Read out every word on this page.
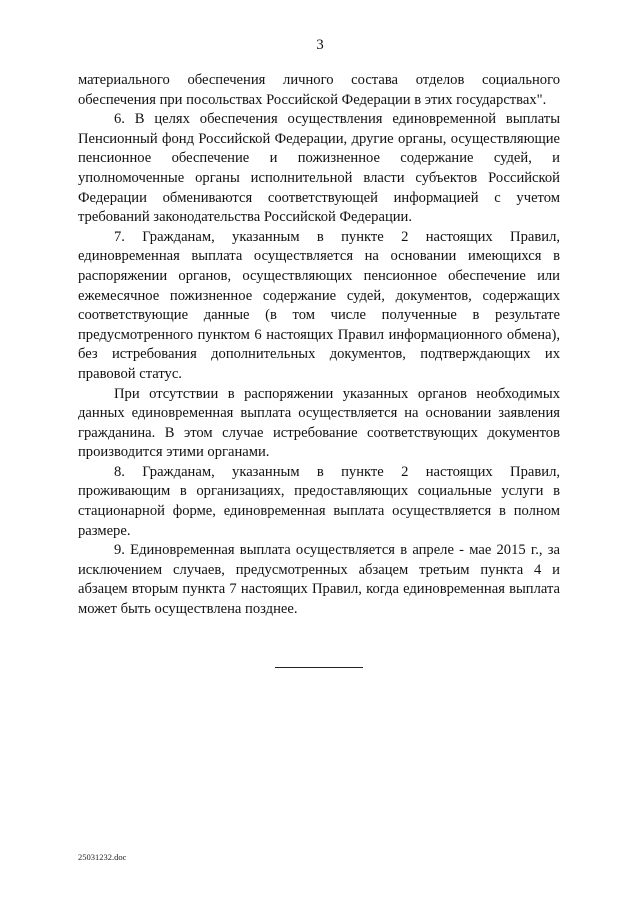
3

материального обеспечения личного состава отделов социального обеспечения при посольствах Российской Федерации в этих государствах".

6. В целях обеспечения осуществления единовременной выплаты Пенсионный фонд Российской Федерации, другие органы, осуществляющие пенсионное обеспечение и пожизненное содержание судей, и уполномоченные органы исполнительной власти субъектов Российской Федерации обмениваются соответствующей информацией с учетом требований законодательства Российской Федерации.

7. Гражданам, указанным в пункте 2 настоящих Правил, единовременная выплата осуществляется на основании имеющихся в распоряжении органов, осуществляющих пенсионное обеспечение или ежемесячное пожизненное содержание судей, документов, содержащих соответствующие данные (в том числе полученные в результате предусмотренного пунктом 6 настоящих Правил информационного обмена), без истребования дополнительных документов, подтверждающих их правовой статус.

При отсутствии в распоряжении указанных органов необходимых данных единовременная выплата осуществляется на основании заявления гражданина. В этом случае истребование соответствующих документов производится этими органами.

8. Гражданам, указанным в пункте 2 настоящих Правил, проживающим в организациях, предоставляющих социальные услуги в стационарной форме, единовременная выплата осуществляется в полном размере.

9. Единовременная выплата осуществляется в апреле - мае 2015 г., за исключением случаев, предусмотренных абзацем третьим пункта 4 и абзацем вторым пункта 7 настоящих Правил, когда единовременная выплата может быть осуществлена позднее.

25031232.doc
